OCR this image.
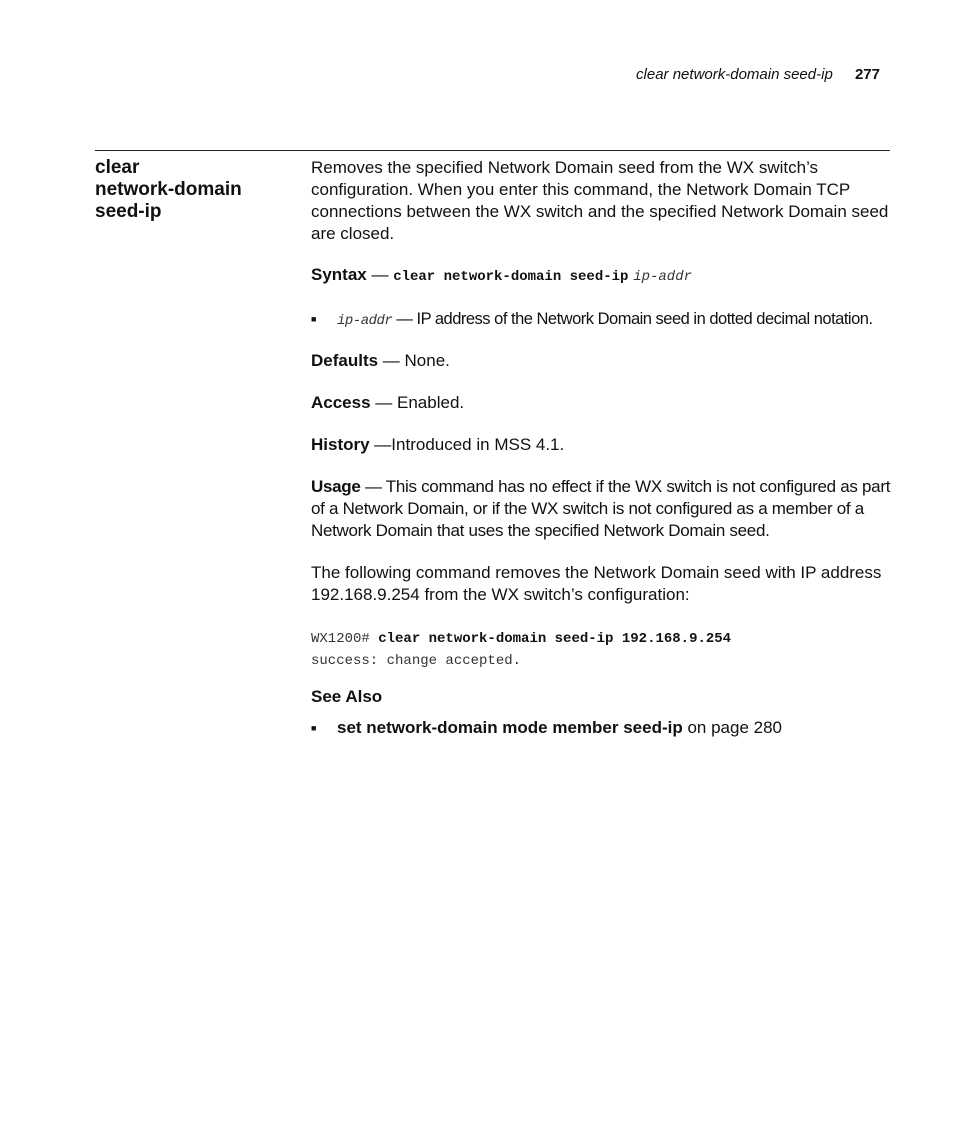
clear network-domain seed-ip 277
clear
network-domain
seed-ip

Removes the specified Network Domain seed from the WX switch’s configuration. When you enter this command, the Network Domain TCP connections between the WX switch and the specified Network Domain seed are closed.

Syntax — clear network-domain seed-ip ip-addr

■	ip-addr — IP address of the Network Domain seed in dotted decimal notation.

Defaults — None.

Access — Enabled.

History —Introduced in MSS 4.1.

Usage — This command has no effect if the WX switch is not configured as part of a Network Domain, or if the WX switch is not configured as a member of a Network Domain that uses the specified Network Domain seed.

The following command removes the Network Domain seed with IP address 192.168.9.254 from the WX switch’s configuration:

WX1200# clear network-domain seed-ip 192.168.9.254
success: change accepted.

See Also

■	set network-domain mode member seed-ip on page 280
